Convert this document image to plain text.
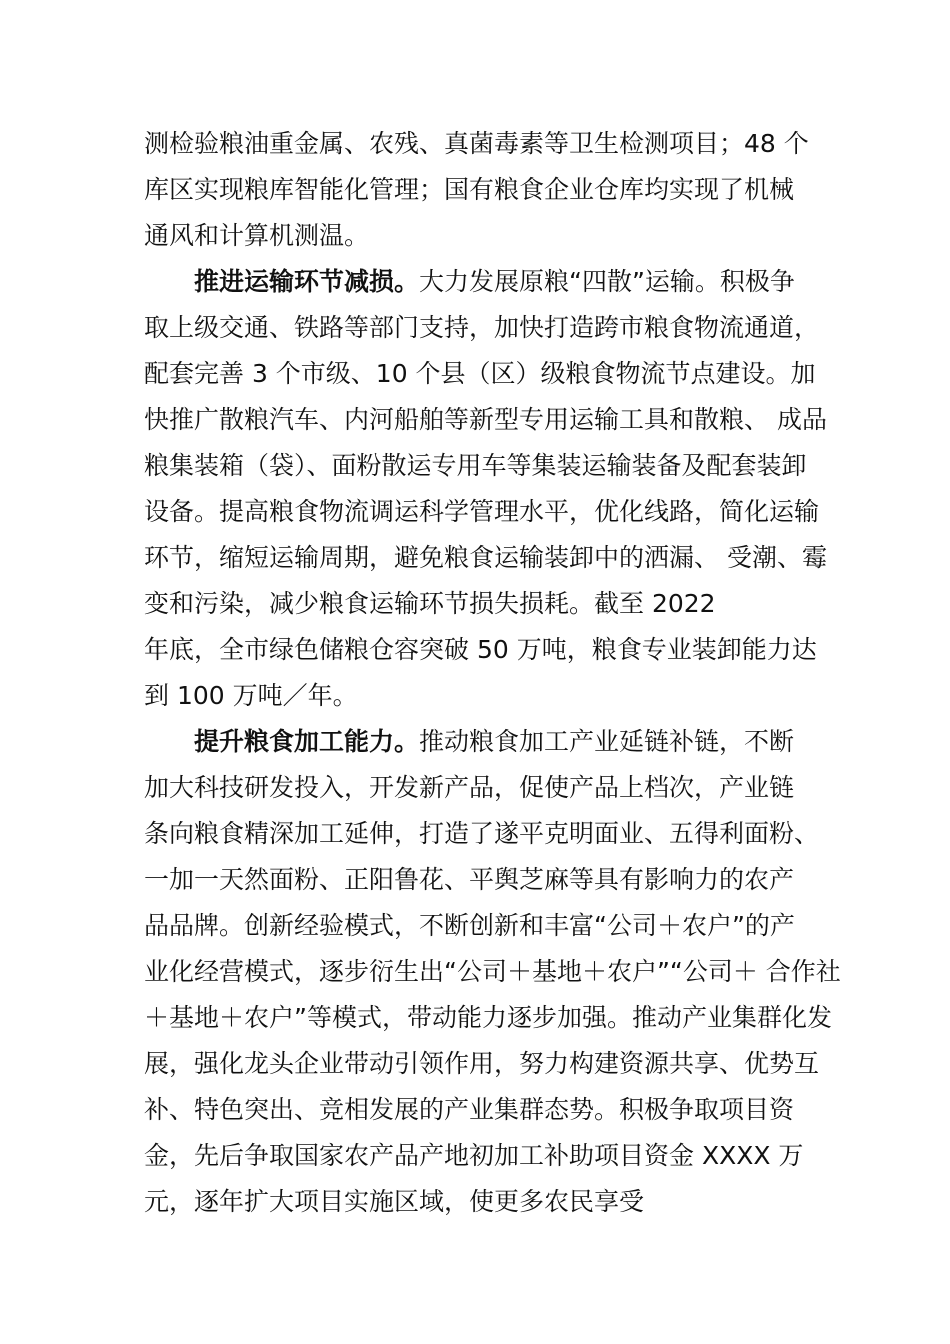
测检验粮油重金属、农残、真菌毒素等卫生检测项目；48 个
库区实现粮库智能化管理；国有粮食企业仓库均实现了机械
通风和计算机测温。
推进运输环节减损。大力发展原粮“四散”运输。积极争
取上级交通、铁路等部门支持，加快打造跨市粮食物流通道，
配套完善 3 个市级、10 个县（区）级粮食物流节点建设。加
快推广散粮汽车、内河船舶等新型专用运输工具和散粮、 成品
粮集装箱（袋）、面粉散运专用车等集装运输装备及配套装卸
设备。提高粮食物流调运科学管理水平，优化线路，简化运输
环节，缩短运输周期，避免粮食运输装卸中的洒漏、 受潮、霉
变和污染，减少粮食运输环节损失损耗。截至 2022
年底，全市绿色储粮仓容突破 50 万吨，粮食专业装卸能力达
到 100 万吨／年。
提升粮食加工能力。推动粮食加工产业延链补链，不断
加大科技研发投入，开发新产品，促使产品上档次，产业链
条向粮食精深加工延伸，打造了遂平克明面业、五得利面粉、
一加一天然面粉、正阳鲁花、平舆芝麻等具有影响力的农产
品品牌。创新经验模式，不断创新和丰富“公司＋农户”的产
业化经营模式，逐步衍生出“公司＋基地＋农户”“公司＋ 合作社
＋基地＋农户”等模式，带动能力逐步加强。推动产业集群化发
展，强化龙头企业带动引领作用，努力构建资源共享、优势互
补、特色突出、竞相发展的产业集群态势。积极争取项目资
金，先后争取国家农产品产地初加工补助项目资金 XXXX 万
元，逐年扩大项目实施区域，使更多农民享受
